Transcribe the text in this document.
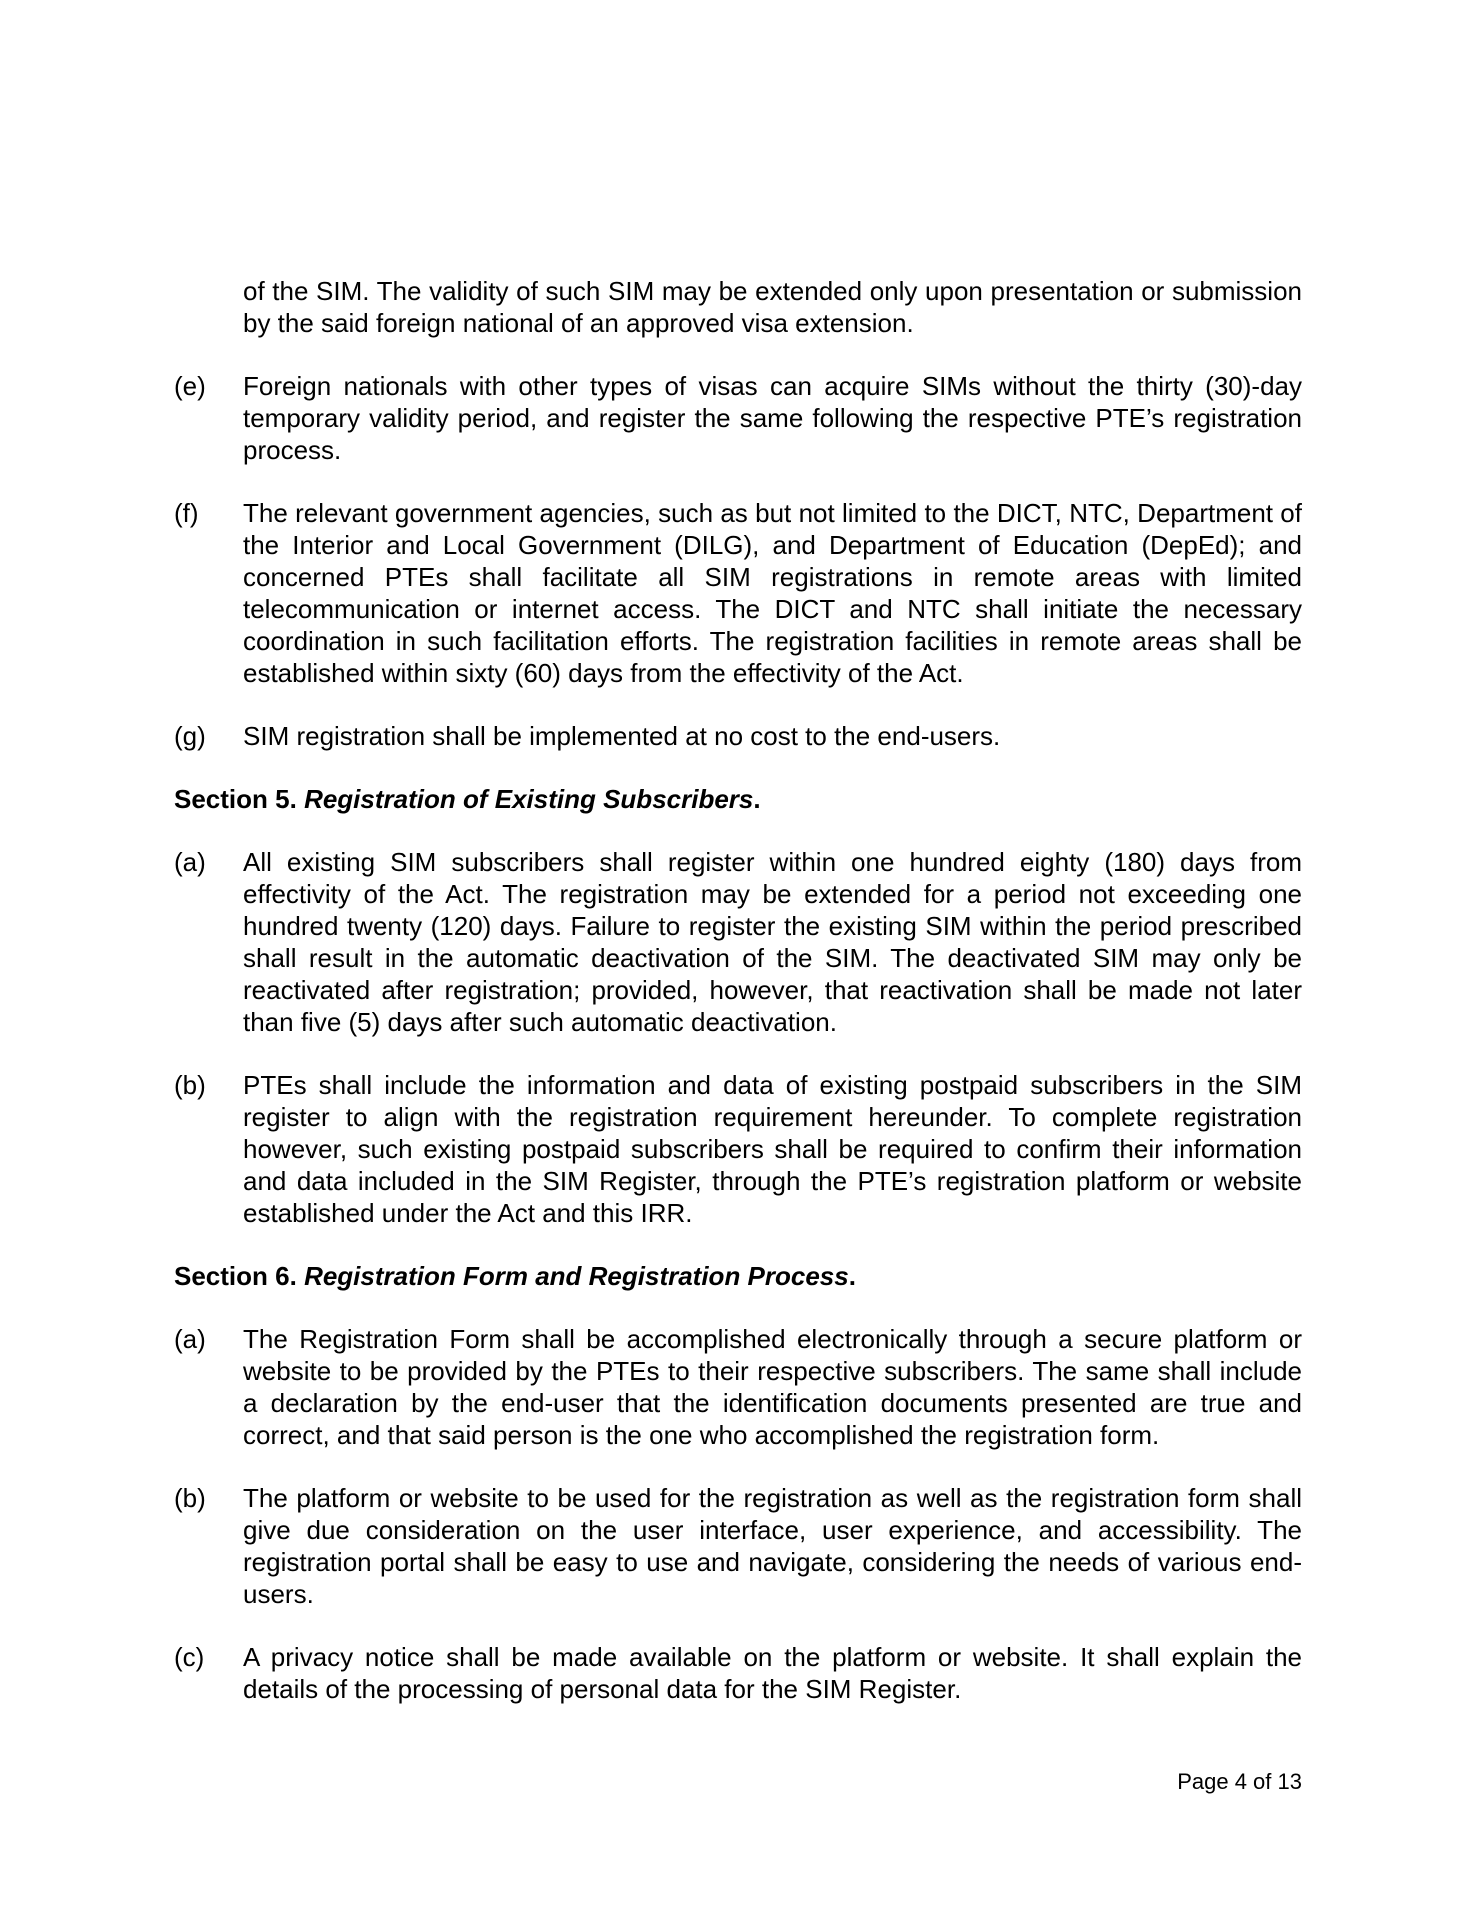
of the SIM. The validity of such SIM may be extended only upon presentation or submission by the said foreign national of an approved visa extension.
(e)	Foreign nationals with other types of visas can acquire SIMs without the thirty (30)-day temporary validity period, and register the same following the respective PTE’s registration process.
(f)	The relevant government agencies, such as but not limited to the DICT, NTC, Department of the Interior and Local Government (DILG), and Department of Education (DepEd); and concerned PTEs shall facilitate all SIM registrations in remote areas with limited telecommunication or internet access. The DICT and NTC shall initiate the necessary coordination in such facilitation efforts. The registration facilities in remote areas shall be established within sixty (60) days from the effectivity of the Act.
(g)	SIM registration shall be implemented at no cost to the end-users.
Section 5. Registration of Existing Subscribers.
(a)	All existing SIM subscribers shall register within one hundred eighty (180) days from effectivity of the Act. The registration may be extended for a period not exceeding one hundred twenty (120) days. Failure to register the existing SIM within the period prescribed shall result in the automatic deactivation of the SIM. The deactivated SIM may only be reactivated after registration; provided, however, that reactivation shall be made not later than five (5) days after such automatic deactivation.
(b)	PTEs shall include the information and data of existing postpaid subscribers in the SIM register to align with the registration requirement hereunder. To complete registration however, such existing postpaid subscribers shall be required to confirm their information and data included in the SIM Register, through the PTE’s registration platform or website established under the Act and this IRR.
Section 6. Registration Form and Registration Process.
(a)	The Registration Form shall be accomplished electronically through a secure platform or website to be provided by the PTEs to their respective subscribers. The same shall include a declaration by the end-user that the identification documents presented are true and correct, and that said person is the one who accomplished the registration form.
(b)	The platform or website to be used for the registration as well as the registration form shall give due consideration on the user interface, user experience, and accessibility. The registration portal shall be easy to use and navigate, considering the needs of various end-users.
(c)	A privacy notice shall be made available on the platform or website. It shall explain the details of the processing of personal data for the SIM Register.
Page 4 of 13
